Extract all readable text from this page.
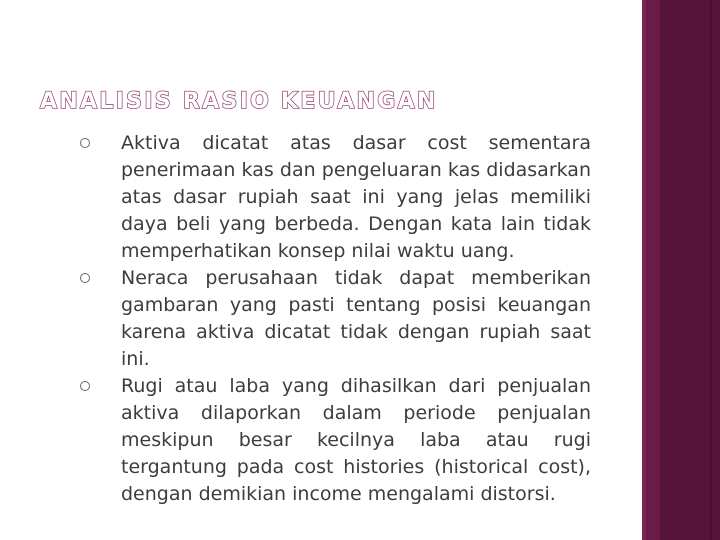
ANALISIS RASIO KEUANGAN
Aktiva dicatat atas dasar cost sementara penerimaan kas dan pengeluaran kas didasarkan atas dasar rupiah saat ini yang jelas memiliki daya beli yang berbeda. Dengan kata lain tidak memperhatikan konsep nilai waktu uang.
Neraca perusahaan tidak dapat memberikan gambaran yang pasti tentang posisi keuangan karena aktiva dicatat tidak dengan rupiah saat ini.
Rugi atau laba yang dihasilkan dari penjualan aktiva dilaporkan dalam periode penjualan meskipun besar kecilnya laba atau rugi tergantung pada cost histories (historical cost), dengan demikian income mengalami distorsi.
